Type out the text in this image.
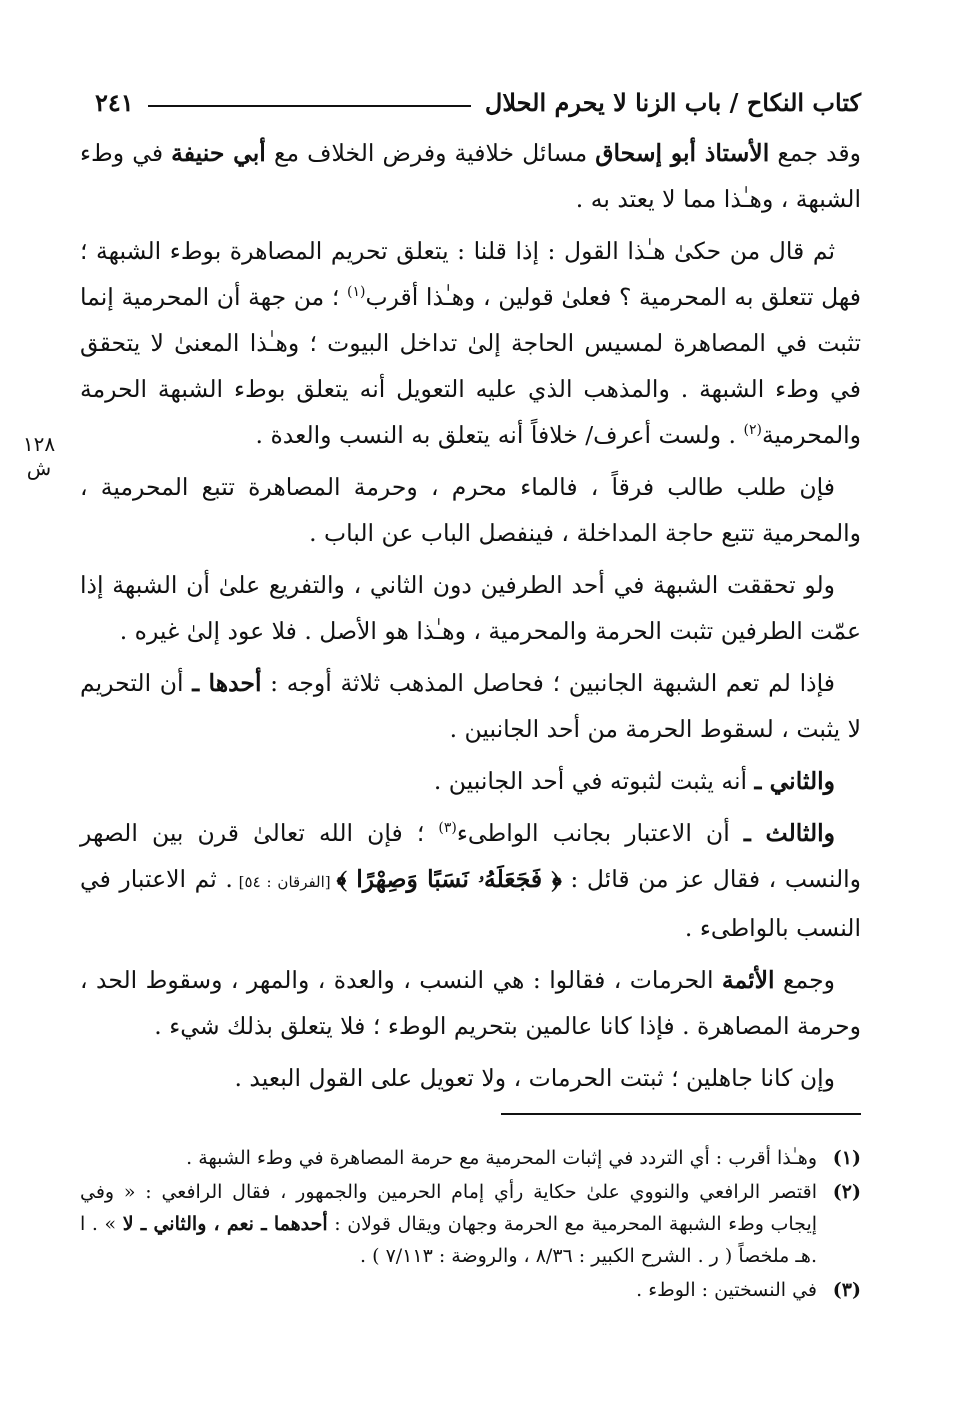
كتاب النكاح / باب الزنا لا يحرم الحلال
٢٤١
١٢٨ ش

وقد جمع الأستاذ أبو إسحاق مسائل خلافية وفرض الخلاف مع أبي حنيفة في وطء الشبهة ، وهـٰذا مما لا يعتد به .

ثم قال من حكىٰ هـٰذا القول : إذا قلنا : يتعلق تحريم المصاهرة بوطء الشبهة ؛ فهل تتعلق به المحرمية ؟ فعلىٰ قولين ، وهـٰذا أقرب$^{(١)}$ ؛ من جهة أن المحرمية إنما تثبت في المصاهرة لمسيس الحاجة إلىٰ تداخل البيوت ؛ وهـٰذا المعنىٰ لا يتحقق في وطء الشبهة . والمذهب الذي عليه التعويل أنه يتعلق بوطء الشبهة الحرمة والمحرمية$^{(٢)}$ . ولست أعرف/ خلافاً أنه يتعلق به النسب والعدة .

فإن طلب طالب فرقاً ، فالماء محرم ، وحرمة المصاهرة تتبع المحرمية ، والمحرمية تتبع حاجة المداخلة ، فينفصل الباب عن الباب .

ولو تحققت الشبهة في أحد الطرفين دون الثاني ، والتفريع علىٰ أن الشبهة إذا عمّت الطرفين تثبت الحرمة والمحرمية ، وهـٰذا هو الأصل . فلا عود إلىٰ غيره .

فإذا لم تعم الشبهة الجانبين ؛ فحاصل المذهب ثلاثة أوجه : أحدها ـ أن التحريم لا يثبت ، لسقوط الحرمة من أحد الجانبين .

والثاني ـ أنه يثبت لثبوته في أحد الجانبين .

والثالث ـ أن الاعتبار بجانب الواطىء$^{(٣)}$ ؛ فإن الله تعالىٰ قرن بين الصهر والنسب ، فقال عز من قائل : ﴿ فَجَعَلَهُۥ نَسَبًا وَصِهْرًا ﴾ [الفرقان : ٥٤] . ثم الاعتبار في النسب بالواطىء .

وجمع الأئمة الحرمات ، فقالوا : هي النسب ، والعدة ، والمهر ، وسقوط الحد ، وحرمة المصاهرة . فإذا كانا عالمين بتحريم الوطء ؛ فلا يتعلق بذلك شيء .

وإن كانا جاهلين ؛ ثبتت الحرمات ، ولا تعويل على القول البعيد .

(١)
وهـٰذا أقرب : أي التردد في إثبات المحرمية مع حرمة المصاهرة في وطء الشبهة .
(٢)
اقتصر الرافعي والنووي علىٰ حكاية رأي إمام الحرمين والجمهور ، فقال الرافعي : « وفي إيجاب وطء الشبهة المحرمية مع الحرمة وجهان ويقال قولان : أحدهما ـ نعم ، والثاني ـ لا » . ا .هـ ملخصاً ( ر . الشرح الكبير : ٨/٣٦ ، والروضة : ٧/١١٣ ) .
(٣)
في النسختين : الوطء .
